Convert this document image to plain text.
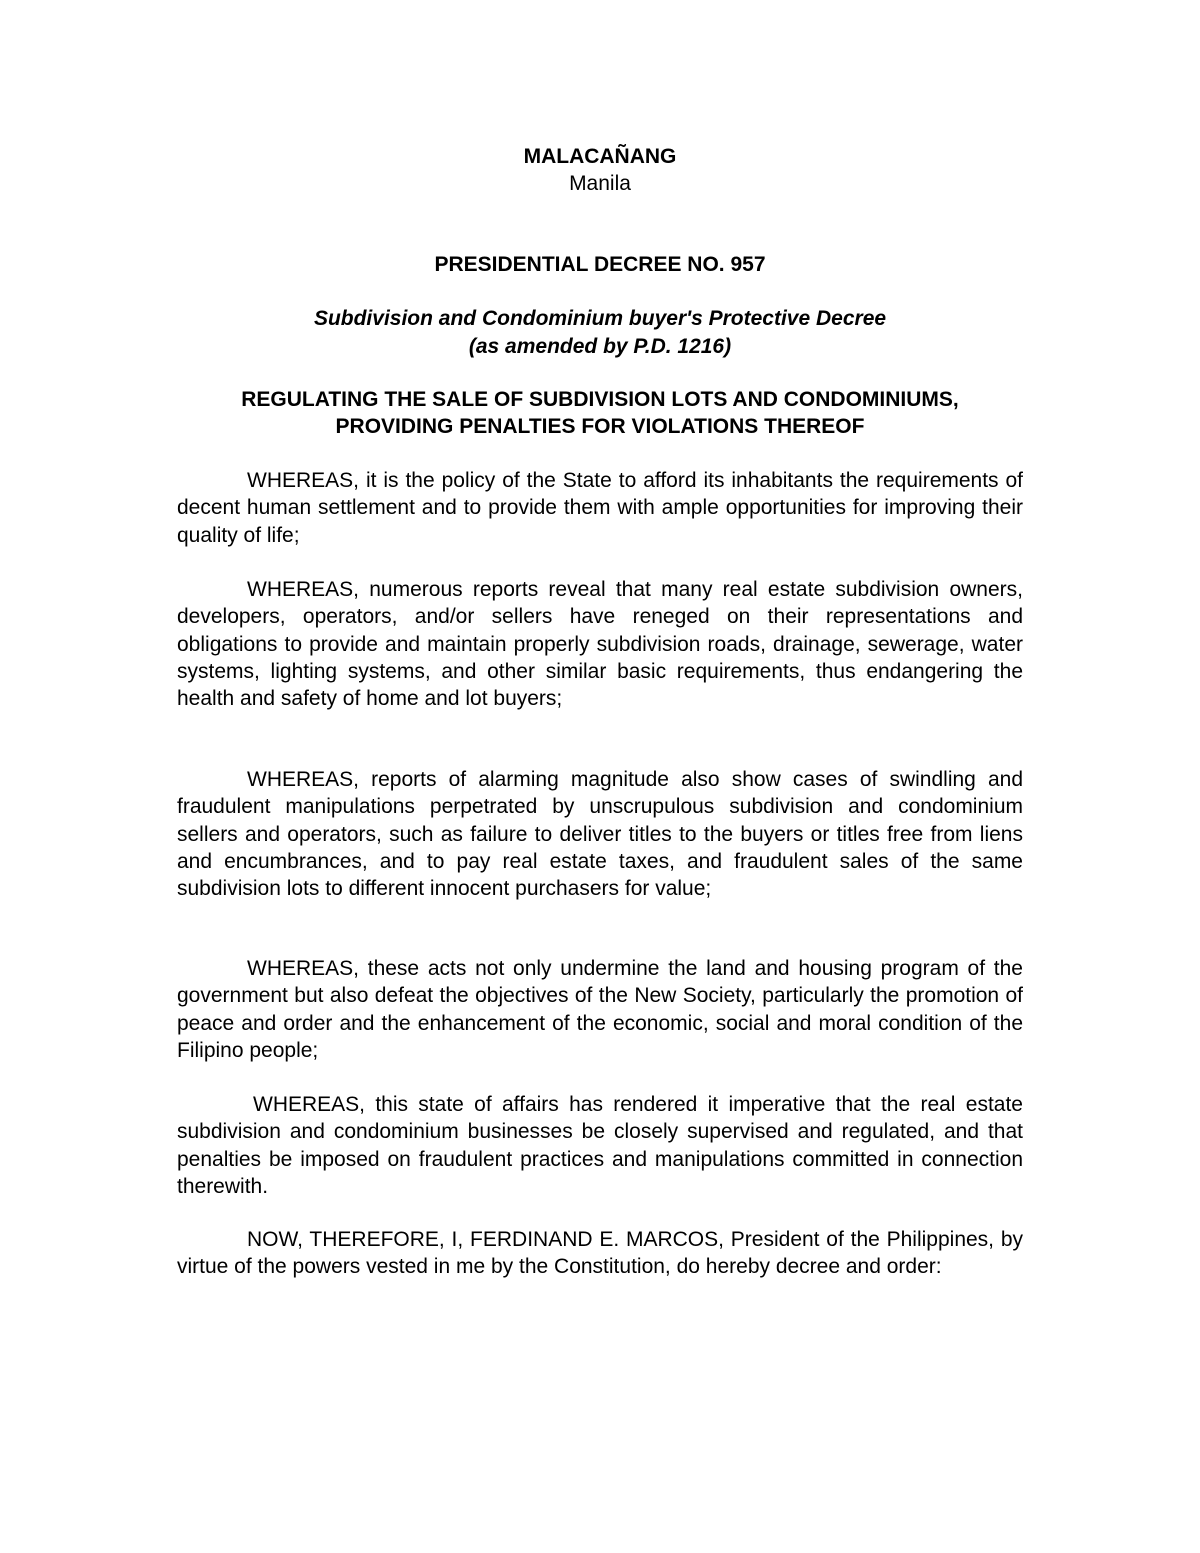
MALACAÑANG
Manila
PRESIDENTIAL DECREE NO. 957
Subdivision and Condominium buyer's Protective Decree
(as amended by P.D. 1216)
REGULATING THE SALE OF SUBDIVISION LOTS AND CONDOMINIUMS,
PROVIDING PENALTIES FOR VIOLATIONS THEREOF
WHEREAS, it is the policy of the State to afford its inhabitants the requirements of decent human settlement and to provide them with ample opportunities for improving their quality of life;
WHEREAS, numerous reports reveal that many real estate subdivision owners, developers, operators, and/or sellers have reneged on their representations and obligations to provide and maintain properly subdivision roads, drainage, sewerage, water systems, lighting systems, and other similar basic requirements, thus endangering the health and safety of home and lot buyers;
WHEREAS, reports of alarming magnitude also show cases of swindling and fraudulent manipulations perpetrated by unscrupulous subdivision and condominium sellers and operators, such as failure to deliver titles to the buyers or titles free from liens and encumbrances, and to pay real estate taxes, and fraudulent sales of the same subdivision lots to different innocent purchasers for value;
WHEREAS, these acts not only undermine the land and housing program of the government but also defeat the objectives of the New Society, particularly the promotion of peace and order and the enhancement of the economic, social and moral condition of the Filipino people;
WHEREAS, this state of affairs has rendered it imperative that the real estate subdivision and condominium businesses be closely supervised and regulated, and that penalties be imposed on fraudulent practices and manipulations committed in connection therewith.
NOW, THEREFORE, I, FERDINAND E. MARCOS, President of the Philippines, by virtue of the powers vested in me by the Constitution, do hereby decree and order:
